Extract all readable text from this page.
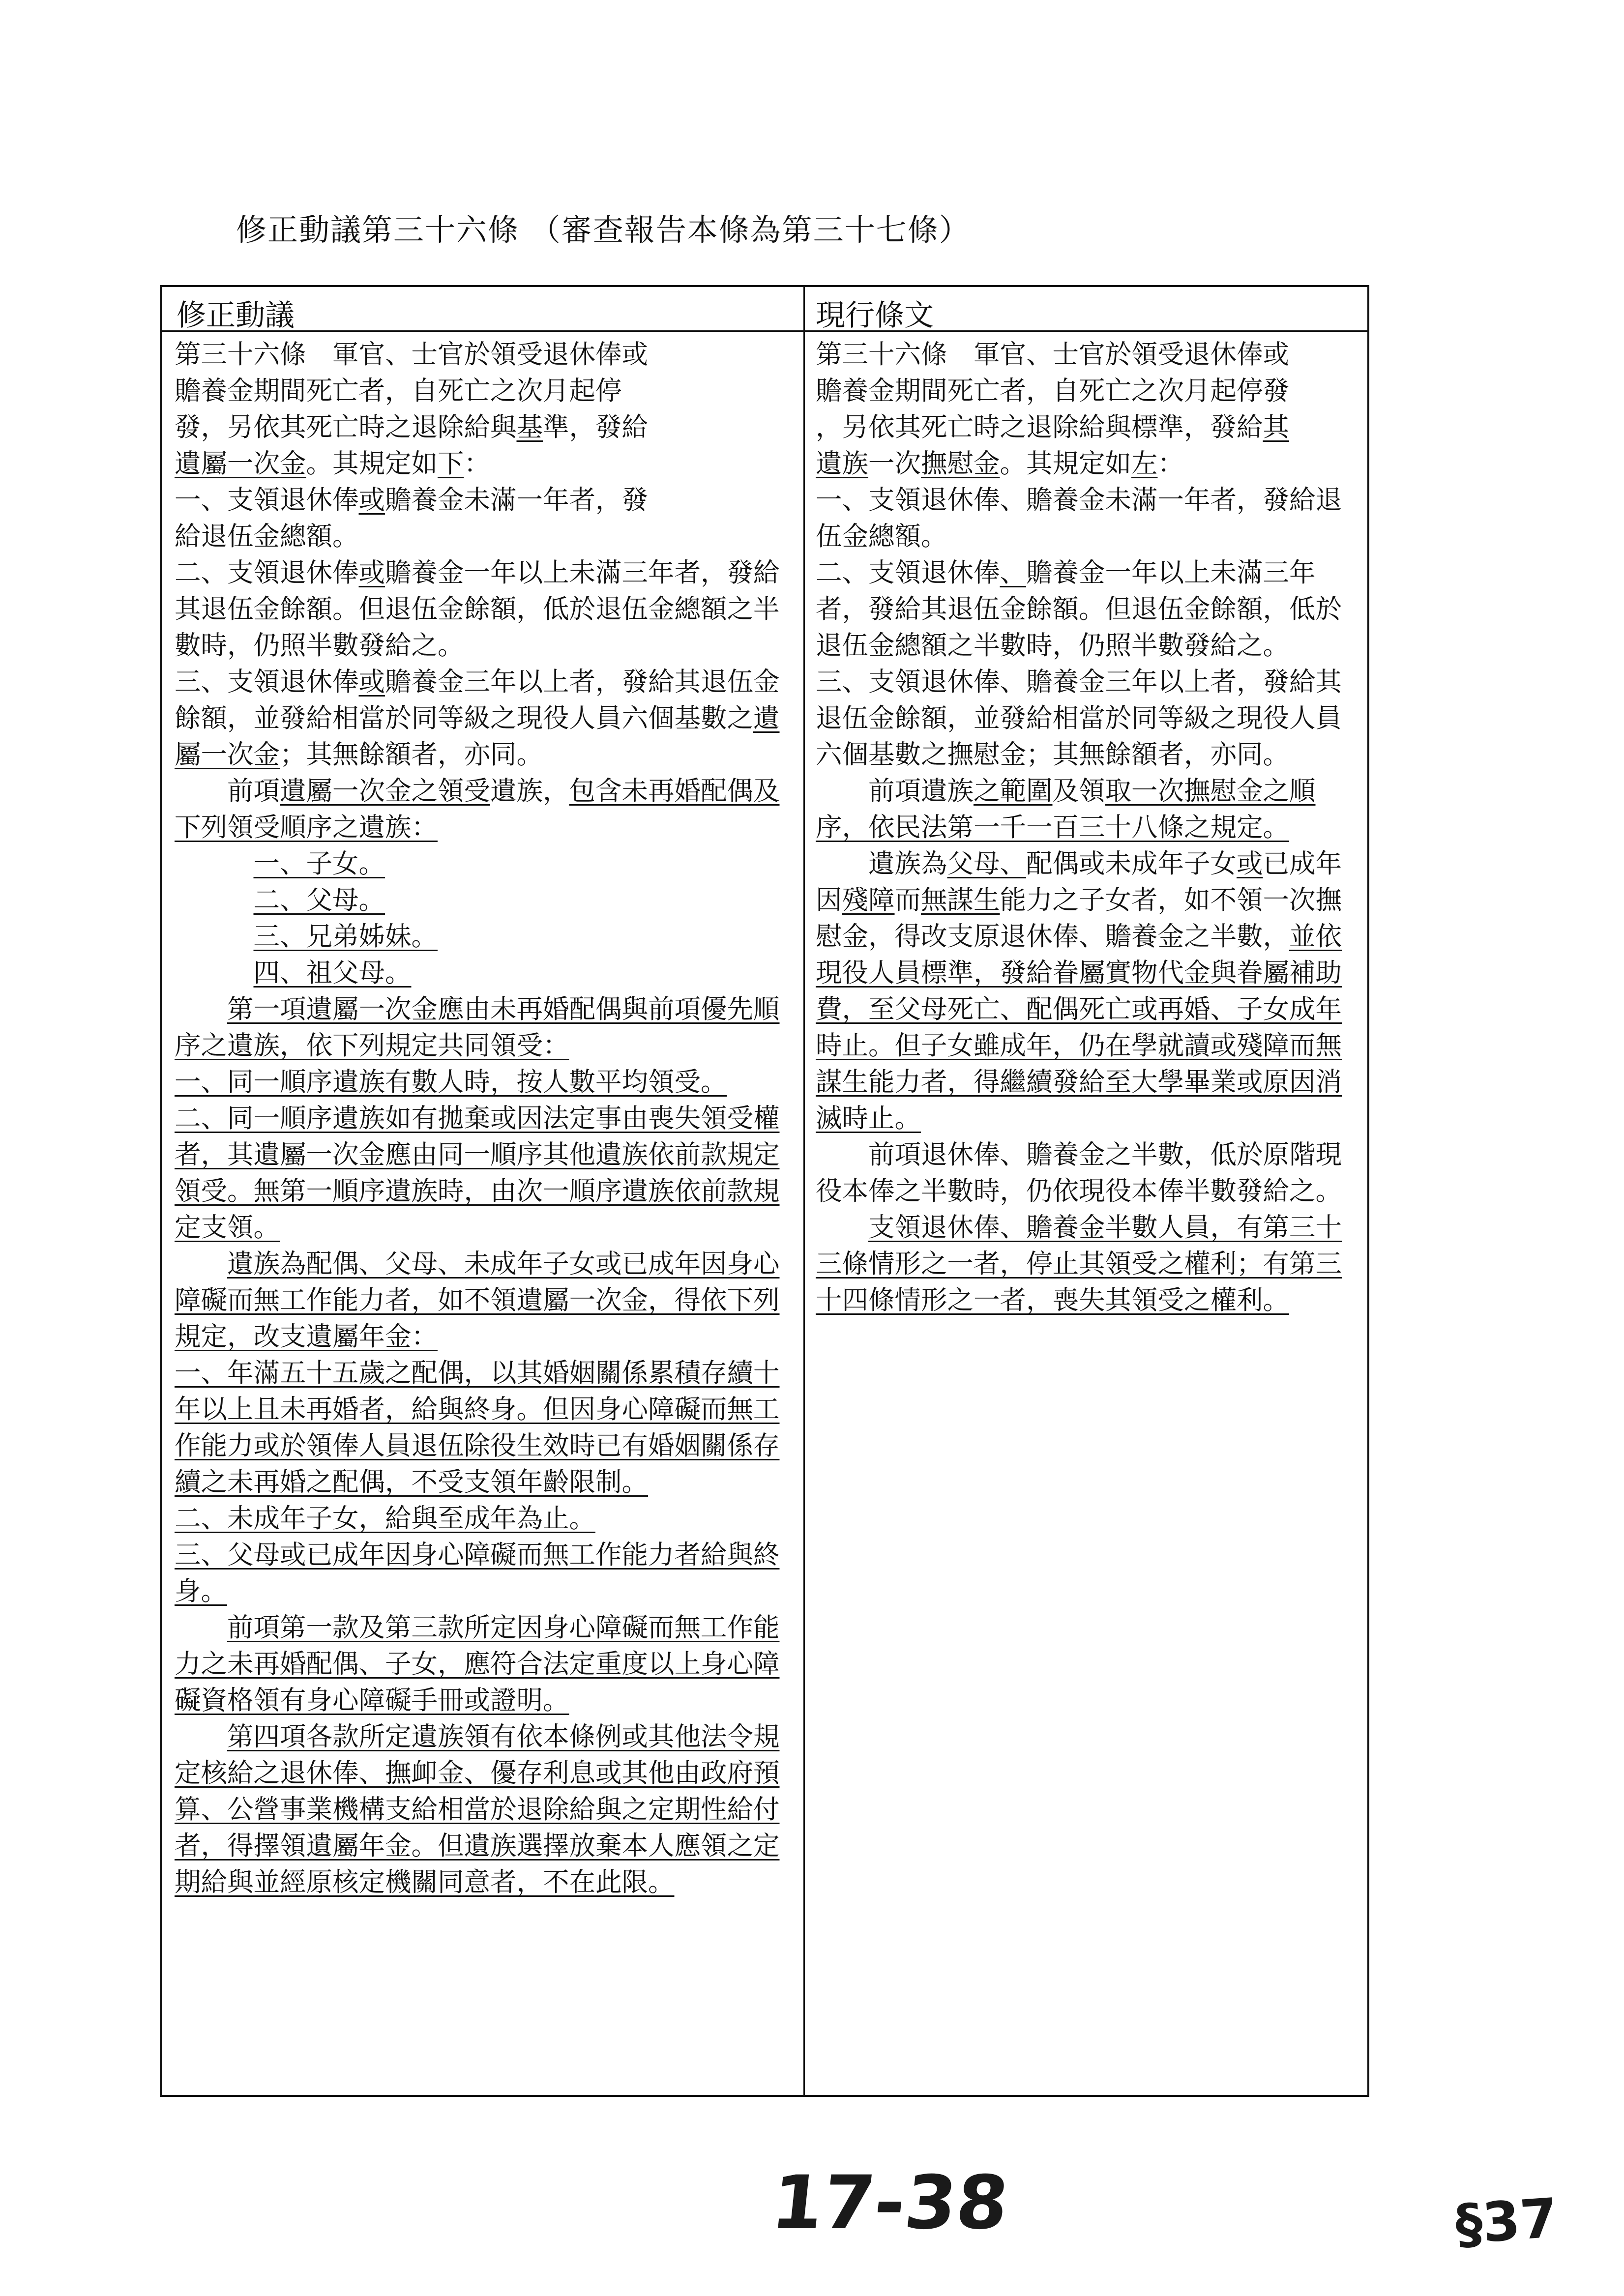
修正動議第三十六條 （審查報告本條為第三十七條）
修正動議	現行條文

第三十六條　軍官、士官於領受退休俸或

贍養金期間死亡者，自死亡之次月起停

發，另依其死亡時之退除給與基準，發給

遺屬一次金。其規定如下：

一、支領退休俸或贍養金未滿一年者，發

給退伍金總額。

二、支領退休俸或贍養金一年以上未滿三年者，發給其退伍金餘額。但退伍金餘額，低於退伍金總額之半數時，仍照半數發給之。

三、支領退休俸或贍養金三年以上者，發給其退伍金餘額，並發給相當於同等級之現役人員六個基數之遺屬一次金；其無餘額者，亦同。

前項遺屬一次金之領受遺族，包含未再婚配偶及下列領受順序之遺族：

一、子女。

二、父母。

三、兄弟姊妹。

四、祖父母。

第一項遺屬一次金應由未再婚配偶與前項優先順序之遺族，依下列規定共同領受：

一、同一順序遺族有數人時，按人數平均領受。

二、同一順序遺族如有拋棄或因法定事由喪失領受權者，其遺屬一次金應由同一順序其他遺族依前款規定領受。無第一順序遺族時，由次一順序遺族依前款規定支領。

遺族為配偶、父母、未成年子女或已成年因身心障礙而無工作能力者，如不領遺屬一次金，得依下列規定，改支遺屬年金：

一、年滿五十五歲之配偶，以其婚姻關係累積存續十年以上且未再婚者，給與終身。但因身心障礙而無工作能力或於領俸人員退伍除役生效時已有婚姻關係存續之未再婚之配偶，不受支領年齡限制。

二、未成年子女，給與至成年為止。

三、父母或已成年因身心障礙而無工作能力者給與終身。

前項第一款及第三款所定因身心障礙而無工作能力之未再婚配偶、子女，應符合法定重度以上身心障礙資格領有身心障礙手冊或證明。

第四項各款所定遺族領有依本條例或其他法令規定核給之退休俸、撫卹金、優存利息或其他由政府預算、公營事業機構支給相當於退除給與之定期性給付者，得擇領遺屬年金。但遺族選擇放棄本人應領之定期給與並經原核定機關同意者，不在此限。

第三十六條　軍官、士官於領受退休俸或

贍養金期間死亡者，自死亡之次月起停發

，另依其死亡時之退除給與標準，發給其

遺族一次撫慰金。其規定如左：

一、支領退休俸、贍養金未滿一年者，發給退伍金總額。

二、支領退休俸、贍養金一年以上未滿三年者，發給其退伍金餘額。但退伍金餘額，低於退伍金總額之半數時，仍照半數發給之。

三、支領退休俸、贍養金三年以上者，發給其退伍金餘額，並發給相當於同等級之現役人員六個基數之撫慰金；其無餘額者，亦同。

前項遺族之範圍及領取一次撫慰金之順序，依民法第一千一百三十八條之規定。

遺族為父母、配偶或未成年子女或已成年因殘障而無謀生能力之子女者，如不領一次撫慰金，得改支原退休俸、贍養金之半數，並依現役人員標準，發給眷屬實物代金與眷屬補助費，至父母死亡、配偶死亡或再婚、子女成年時止。但子女雖成年，仍在學就讀或殘障而無謀生能力者，得繼續發給至大學畢業或原因消滅時止。

前項退休俸、贍養金之半數，低於原階現役本俸之半數時，仍依現役本俸半數發給之。

支領退休俸、贍養金半數人員，有第三十三條情形之一者，停止其領受之權利；有第三十四條情形之一者，喪失其領受之權利。

17-38	§37
